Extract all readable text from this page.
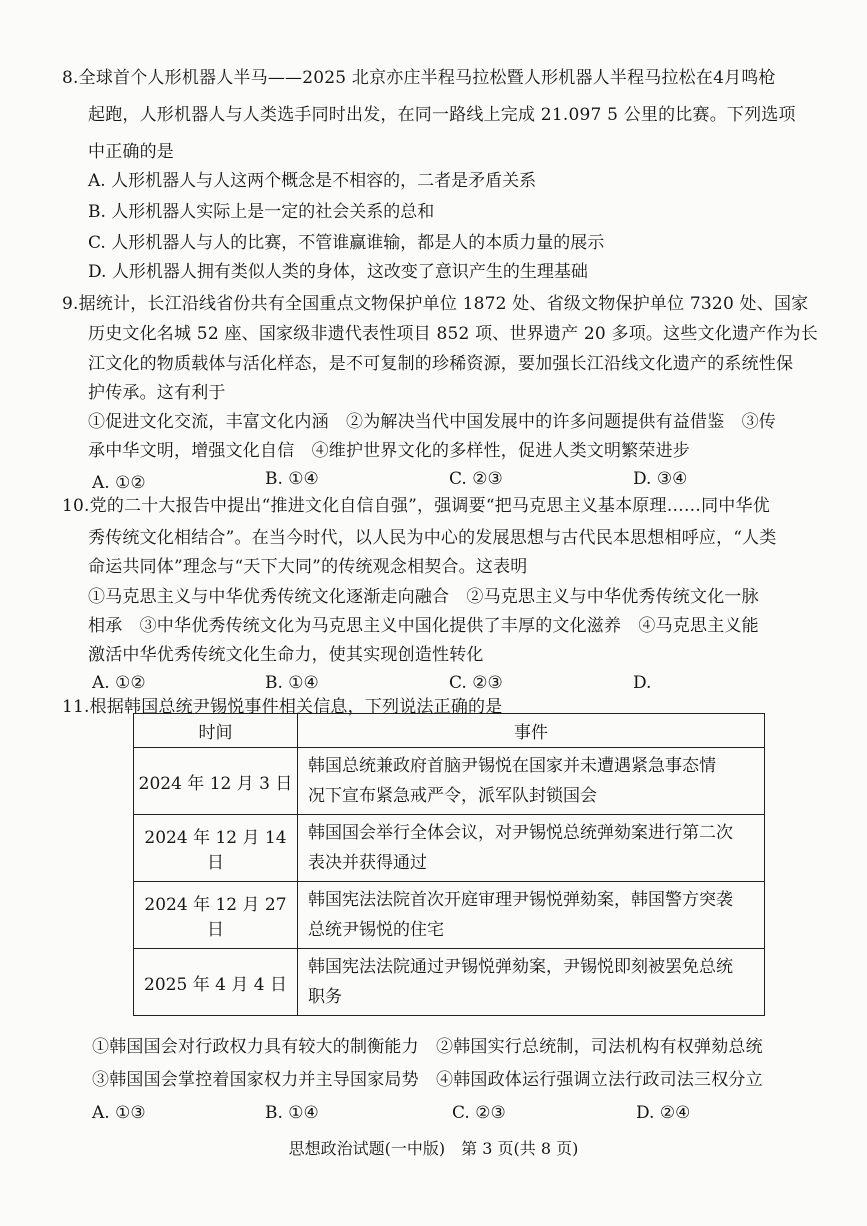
8.全球首个人形机器人半马——2025 北京亦庄半程马拉松暨人形机器人半程马拉松在4月鸣枪
起跑，人形机器人与人类选手同时出发，在同一路线上完成 21.097 5 公里的比赛。下列选项
中正确的是
A. 人形机器人与人这两个概念是不相容的，二者是矛盾关系
B. 人形机器人实际上是一定的社会关系的总和
C. 人形机器人与人的比赛，不管谁赢谁输，都是人的本质力量的展示
D. 人形机器人拥有类似人类的身体，这改变了意识产生的生理基础
9.据统计，长江沿线省份共有全国重点文物保护单位 1872 处、省级文物保护单位 7320 处、国家
历史文化名城 52 座、国家级非遗代表性项目 852 项、世界遗产 20 多项。这些文化遗产作为长
江文化的物质载体与活化样态，是不可复制的珍稀资源，要加强长江沿线文化遗产的系统性保
护传承。这有利于
①促进文化交流，丰富文化内涵　②为解决当代中国发展中的许多问题提供有益借鉴　③传
承中华文明，增强文化自信　④维护世界文化的多样性，促进人类文明繁荣进步
A. ①②	B. ①④	C. ②③	D. ③④
10.党的二十大报告中提出“推进文化自信自强”，强调要“把马克思主义基本原理……同中华优
秀传统文化相结合”。在当今时代，以人民为中心的发展思想与古代民本思想相呼应，“人类
命运共同体”理念与“天下大同”的传统观念相契合。这表明
①马克思主义与中华优秀传统文化逐渐走向融合　②马克思主义与中华优秀传统文化一脉
相承　③中华优秀传统文化为马克思主义中国化提供了丰厚的文化滋养　④马克思主义能
激活中华优秀传统文化生命力，使其实现创造性转化
A. ①②	B. ①④	C. ②③	D.
11.根据韩国总统尹锡悦事件相关信息，下列说法正确的是
时间	事件
2024 年 12 月 3 日	韩国总统兼政府首脑尹锡悦在国家并未遭遇紧急事态情
况下宣布紧急戒严令，派军队封锁国会

2024 年 12 月 14 日	韩国国会举行全体会议，对尹锡悦总统弹劾案进行第二次
表决并获得通过

2024 年 12 月 27 日	韩国宪法法院首次开庭审理尹锡悦弹劾案，韩国警方突袭
总统尹锡悦的住宅

2025 年 4 月 4 日	韩国宪法法院通过尹锡悦弹劾案，尹锡悦即刻被罢免总统
职务
①韩国国会对行政权力具有较大的制衡能力　②韩国实行总统制，司法机构有权弹劾总统
③韩国国会掌控着国家权力并主导国家局势　④韩国政体运行强调立法行政司法三权分立
A. ①③	B. ①④	C. ②③	D. ②④
思想政治试题(一中版)　第 3 页(共 8 页)
